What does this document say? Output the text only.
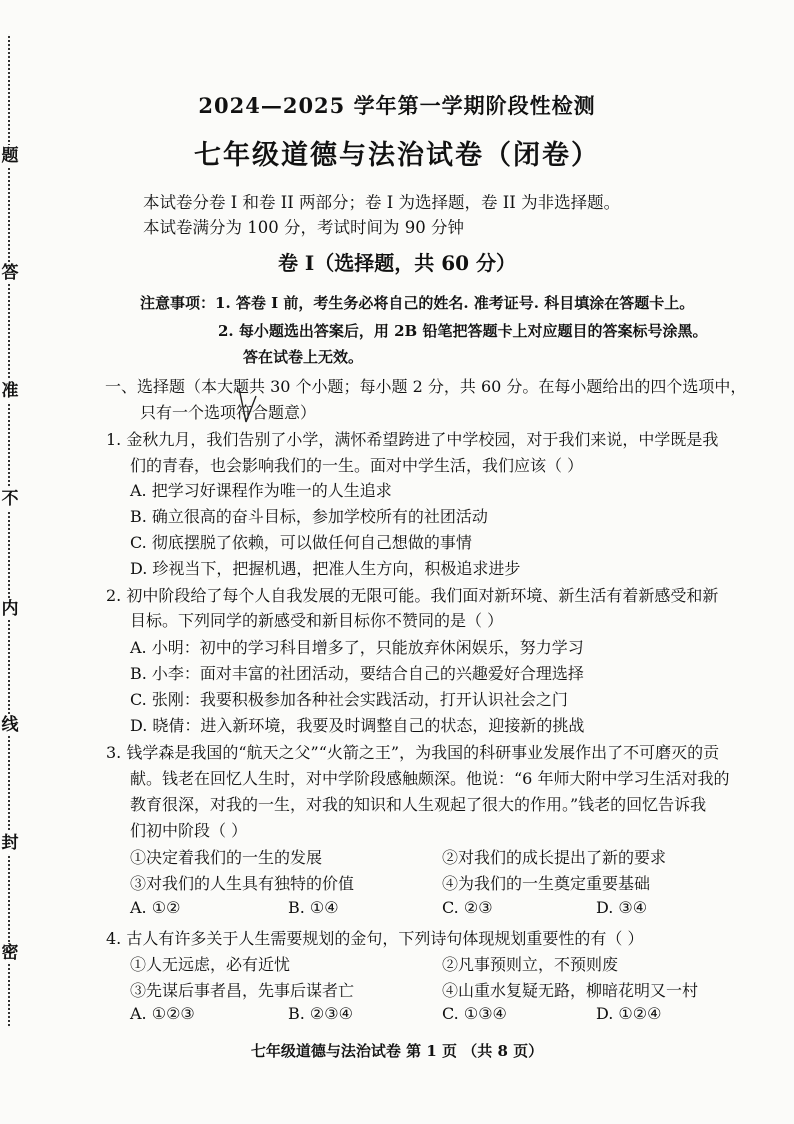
题
答
准
不
内
线
封
密
2024—2025 学年第一学期阶段性检测
七年级道德与法治试卷（闭卷）
本试卷分卷 I 和卷 II 两部分；卷 I 为选择题，卷 II 为非选择题。
本试卷满分为 100 分，考试时间为 90 分钟
卷 I（选择题，共 60 分）
注意事项：1. 答卷 I 前，考生务必将自己的姓名. 准考证号. 科目填涂在答题卡上。
2. 每小题选出答案后，用 2B 铅笔把答题卡上对应题目的答案标号涂黑。
答在试卷上无效。
一、选择题（本大题共 30 个小题；每小题 2 分，共 60 分。在每小题给出的四个选项中，
只有一个选项符合题意）
1. 金秋九月，我们告别了小学，满怀希望跨进了中学校园，对于我们来说，中学既是我
们的青春，也会影响我们的一生。面对中学生活，我们应该（ ）
A. 把学习好课程作为唯一的人生追求
B. 确立很高的奋斗目标，参加学校所有的社团活动
C. 彻底摆脱了依赖，可以做任何自己想做的事情
D. 珍视当下，把握机遇，把准人生方向，积极追求进步
2. 初中阶段给了每个人自我发展的无限可能。我们面对新环境、新生活有着新感受和新
目标。下列同学的新感受和新目标你不赞同的是（ ）
A. 小明：初中的学习科目增多了，只能放弃休闲娱乐，努力学习
B. 小李：面对丰富的社团活动，要结合自己的兴趣爱好合理选择
C. 张刚：我要积极参加各种社会实践活动，打开认识社会之门
D. 晓倩：进入新环境，我要及时调整自己的状态，迎接新的挑战
3. 钱学森是我国的“航天之父”“火箭之王”，为我国的科研事业发展作出了不可磨灭的贡
献。钱老在回忆人生时，对中学阶段感触颇深。他说：“6 年师大附中学习生活对我的
教育很深，对我的一生，对我的知识和人生观起了很大的作用。”钱老的回忆告诉我
们初中阶段（ ）
①决定着我们的一生的发展	②对我们的成长提出了新的要求
③对我们的人生具有独特的价值	④为我们的一生奠定重要基础
A. ①②	B. ①④	C. ②③	D. ③④
4. 古人有许多关于人生需要规划的金句，下列诗句体现规划重要性的有（ ）
①人无远虑，必有近忧	②凡事预则立，不预则废
③先谋后事者昌，先事后谋者亡	④山重水复疑无路，柳暗花明又一村
A. ①②③	B. ②③④	C. ①③④	D. ①②④
七年级道德与法治试卷 第 1 页 （共 8 页）
